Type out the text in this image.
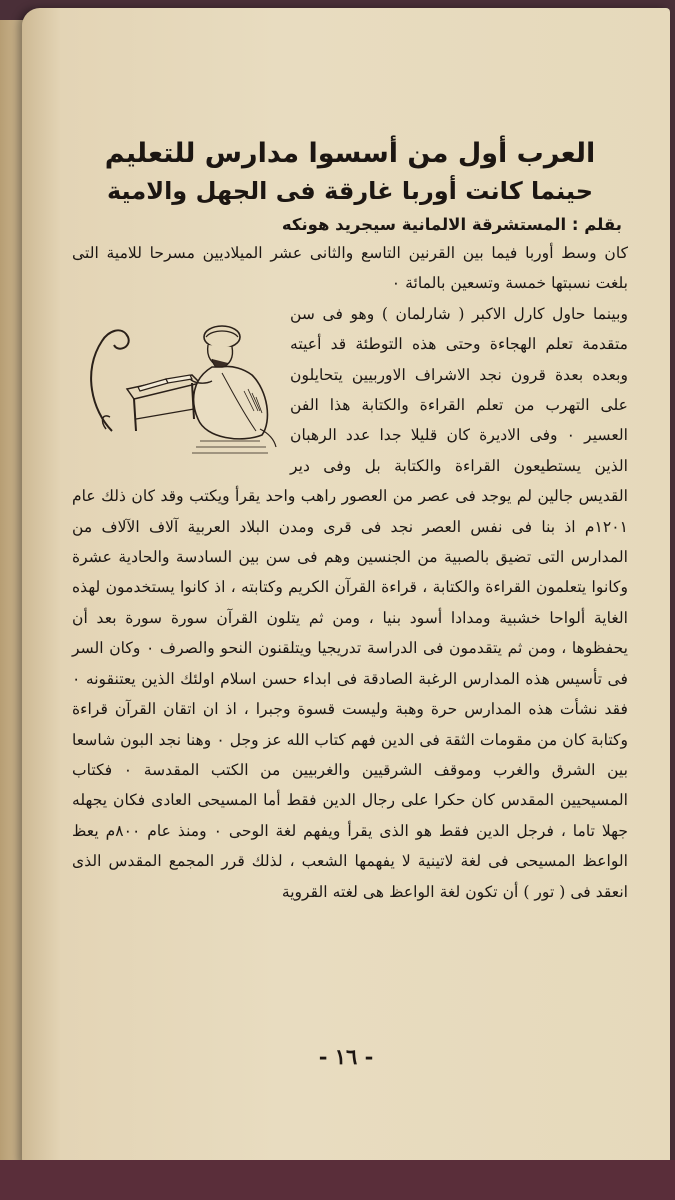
العرب أول من أسسوا مدارس للتعليم
حينما كانت أوربا غارقة فى الجهل والامية
بقلم : المستشرقة الالمانية سيجريد هونكه

كان وسط أوربا فيما بين القرنين التاسع والثانى عشر الميلاديين مسرحا للامية التى بلغت نسبتها خمسة وتسعين بالمائة ٠

وبينما حاول كارل الاكبر ( شارلمان ) وهو فى سن متقدمة تعلم الهجاءة وحتى هذه التوطئة قد أعيته وبعده بعدة قرون نجد الاشراف الاوربيين يتحايلون على التهرب من تعلم القراءة والكتابة هذا الفن العسير ٠ وفى الاديرة كان قليلا جدا عدد الرهبان الذين يستطيعون القراءة والكتابة بل وفى دير القديس جالين لم يوجد فى عصر من العصور راهب واحد يقرأ ويكتب وقد كان ذلك عام ١٢٠١م اذ بنا فى نفس العصر نجد فى قرى ومدن البلاد العربية آلاف الآلاف من المدارس التى تضيق بالصبية من الجنسين وهم فى سن بين السادسة والحادية عشرة وكانوا يتعلمون القراءة والكتابة ، قراءة القرآن الكريم وكتابته ، اذ كانوا يستخدمون لهذه الغاية ألواحا خشبية ومدادا أسود بنيا ، ومن ثم يتلون القرآن سورة سورة بعد أن يحفظوها ، ومن ثم يتقدمون فى الدراسة تدريجيا ويتلقنون النحو والصرف ٠ وكان السر فى تأسيس هذه المدارس الرغبة الصادقة فى ابداء حسن اسلام اولئك الذين يعتنقونه ٠ فقد نشأت هذه المدارس حرة وهبة وليست قسوة وجبرا ، اذ ان اتقان القرآن قراءة وكتابة كان من مقومات الثقة فى الدين فهم كتاب الله عز وجل ٠ وهنا نجد البون شاسعا بين الشرق والغرب وموقف الشرقيين والغربيين من الكتب المقدسة ٠ فكتاب المسيحيين المقدس كان حكرا على رجال الدين فقط أما المسيحى العادى فكان يجهله جهلا تاما ، فرجل الدين فقط هو الذى يقرأ ويفهم لغة الوحى ٠ ومنذ عام ٨٠٠م يعظ الواعظ المسيحى فى لغة لاتينية لا يفهمها الشعب ، لذلك قرر المجمع المقدس الذى انعقد فى ( تور ) أن تكون لغة الواعظ هى لغته القروية

- ١٦ -
